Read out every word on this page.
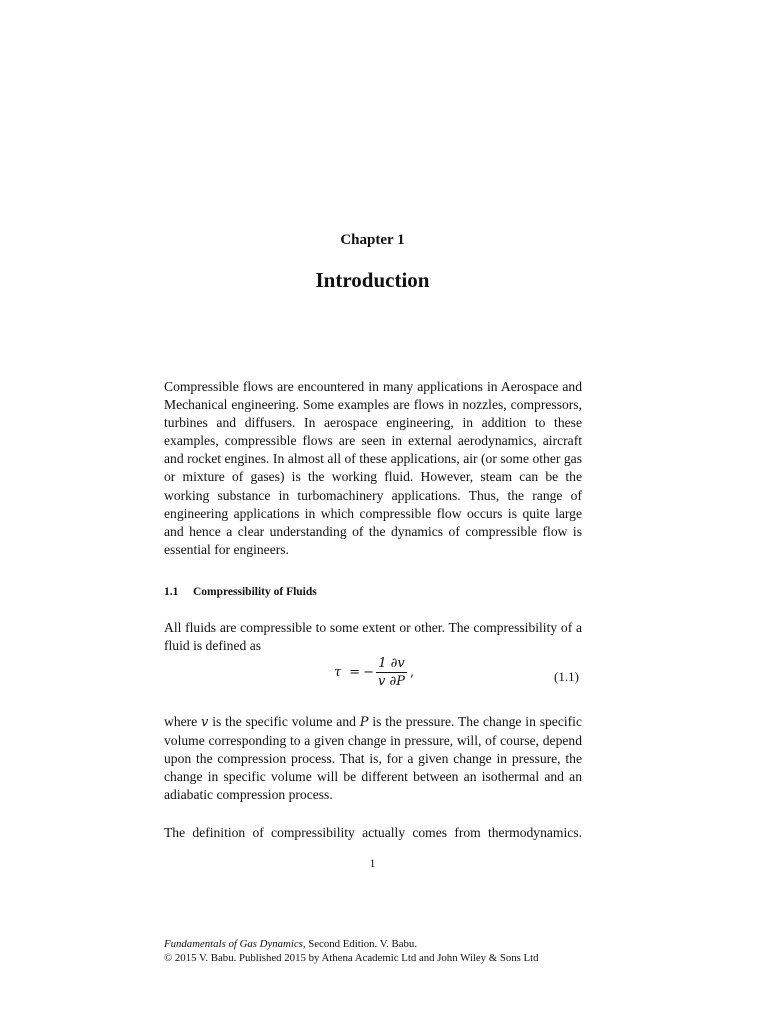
Chapter 1
Introduction
Compressible flows are encountered in many applications in Aerospace and Mechanical engineering. Some examples are flows in nozzles, compressors, turbines and diffusers. In aerospace engineering, in addition to these examples, compressible flows are seen in external aerodynamics, aircraft and rocket engines. In almost all of these applications, air (or some other gas or mixture of gases) is the working fluid. However, steam can be the working substance in turbomachinery applications. Thus, the range of engineering applications in which compressible flow occurs is quite large and hence a clear understanding of the dynamics of compressible flow is essential for engineers.
1.1 Compressibility of Fluids
All fluids are compressible to some extent or other. The compressibility of a fluid is defined as
τ = − $\frac{1 \partial v}{v \partial P}$ ,	(1.1)
where v is the specific volume and P is the pressure. The change in specific volume corresponding to a given change in pressure, will, of course, depend upon the compression process. That is, for a given change in pressure, the change in specific volume will be different between an isothermal and an adiabatic compression process.
The definition of compressibility actually comes from thermodynamics.
1
Fundamentals of Gas Dynamics, Second Edition. V. Babu.
© 2015 V. Babu. Published 2015 by Athena Academic Ltd and John Wiley & Sons Ltd
